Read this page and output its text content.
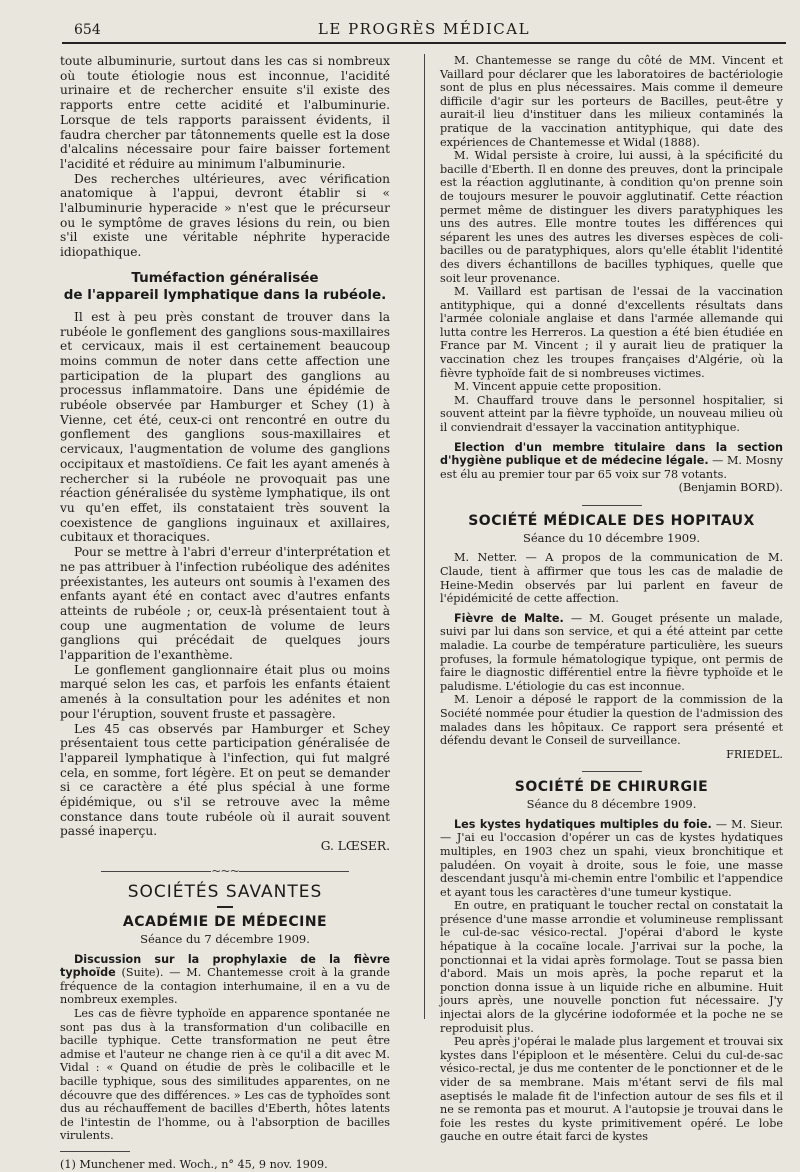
654	LE PROGRÈS MÉDICAL

toute albuminurie, surtout dans les cas si nombreux où toute étiologie nous est inconnue, l'acidité urinaire et de rechercher ensuite s'il existe des rapports entre cette acidité et l'albuminurie. Lorsque de tels rapports paraissent évidents, il faudra chercher par tâtonnements quelle est la dose d'alcalins nécessaire pour faire baisser fortement l'acidité et réduire au minimum l'albuminurie.

Des recherches ultérieures, avec vérification anatomique à l'appui, devront établir si « l'albuminurie hyperacide » n'est que le précurseur ou le symptôme de graves lésions du rein, ou bien s'il existe une véritable néphrite hyperacide idiopathique.

Tuméfaction généralisée
de l'appareil lymphatique dans la rubéole.

Il est à peu près constant de trouver dans la rubéole le gonflement des ganglions sous-maxillaires et cervicaux, mais il est certainement beaucoup moins commun de noter dans cette affection une participation de la plupart des ganglions au processus inflammatoire. Dans une épidémie de rubéole observée par Hamburger et Schey (1) à Vienne, cet été, ceux-ci ont rencontré en outre du gonflement des ganglions sous-maxillaires et cervicaux, l'augmentation de volume des ganglions occipitaux et mastoïdiens. Ce fait les ayant amenés à rechercher si la rubéole ne provoquait pas une réaction généralisée du système lymphatique, ils ont vu qu'en effet, ils constataient très souvent la coexistence de ganglions inguinaux et axillaires, cubitaux et thoraciques.

Pour se mettre à l'abri d'erreur d'interprétation et ne pas attribuer à l'infection rubéolique des adénites préexistantes, les auteurs ont soumis à l'examen des enfants ayant été en contact avec d'autres enfants atteints de rubéole ; or, ceux-là présentaient tout à coup une augmentation de volume de leurs ganglions qui précédait de quelques jours l'apparition de l'exanthème.

Le gonflement ganglionnaire était plus ou moins marqué selon les cas, et parfois les enfants étaient amenés à la consultation pour les adénites et non pour l'éruption, souvent fruste et passagère.

Les 45 cas observés par Hamburger et Schey présentaient tous cette participation généralisée de l'appareil lymphatique à l'infection, qui fut malgré cela, en somme, fort légère. Et on peut se demander si ce caractère a été plus spécial à une forme épidémique, ou s'il se retrouve avec la même constance dans toute rubéole où il aurait souvent passé inaperçu.

G. LŒSER.
~~~
SOCIÉTÉS SAVANTES
ACADÉMIE DE MÉDECINE
Séance du 7 décembre 1909.

Discussion sur la prophylaxie de la fièvre typhoïde (Suite). — M. Chantemesse croit à la grande fréquence de la contagion interhumaine, il en a vu de nombreux exemples.

Les cas de fièvre typhoïde en apparence spontanée ne sont pas dus à la transformation d'un colibacille en bacille typhique. Cette transformation ne peut être admise et l'auteur ne change rien à ce qu'il a dit avec M. Vidal : « Quand on étudie de près le colibacille et le bacille typhique, sous des similitudes apparentes, on ne découvre que des différences. » Les cas de typhoïdes sont dus au réchauffement de bacilles d'Eberth, hôtes latents de l'intestin de l'homme, ou à l'absorption de bacilles virulents.

(1) Munchener med. Woch., n° 45, 9 nov. 1909.

M. Chantemesse se range du côté de MM. Vincent et Vaillard pour déclarer que les laboratoires de bactériologie sont de plus en plus nécessaires. Mais comme il demeure difficile d'agir sur les porteurs de Bacilles, peut-être y aurait-il lieu d'instituer dans les milieux contaminés la pratique de la vaccination antityphique, qui date des expériences de Chantemesse et Widal (1888).

M. Widal persiste à croire, lui aussi, à la spécificité du bacille d'Eberth. Il en donne des preuves, dont la principale est la réaction agglutinante, à condition qu'on prenne soin de toujours mesurer le pouvoir agglutinatif. Cette réaction permet même de distinguer les divers paratyphiques les uns des autres. Elle montre toutes les différences qui séparent les unes des autres les diverses espèces de coli-bacilles ou de paratyphiques, alors qu'elle établit l'identité des divers échantillons de bacilles typhiques, quelle que soit leur provenance.

M. Vaillard est partisan de l'essai de la vaccination antityphique, qui a donné d'excellents résultats dans l'armée coloniale anglaise et dans l'armée allemande qui lutta contre les Herreros. La question a été bien étudiée en France par M. Vincent ; il y aurait lieu de pratiquer la vaccination chez les troupes françaises d'Algérie, où la fièvre typhoïde fait de si nombreuses victimes.

M. Vincent appuie cette proposition.

M. Chauffard trouve dans le personnel hospitalier, si souvent atteint par la fièvre typhoïde, un nouveau milieu où il conviendrait d'essayer la vaccination antityphique.

Election d'un membre titulaire dans la section d'hygiène publique et de médecine légale. — M. Mosny est élu au premier tour par 65 voix sur 78 votants.

(Benjamin BORD).
SOCIÉTÉ MÉDICALE DES HOPITAUX
Séance du 10 décembre 1909.

M. Netter. — A propos de la communication de M. Claude, tient à affirmer que tous les cas de maladie de Heine-Medin observés par lui parlent en faveur de l'épidémicité de cette affection.

Fièvre de Malte. — M. Gouget présente un malade, suivi par lui dans son service, et qui a été atteint par cette maladie. La courbe de température particulière, les sueurs profuses, la formule hématologique typique, ont permis de faire le diagnostic différentiel entre la fièvre typhoïde et le paludisme. L'étiologie du cas est inconnue.

M. Lenoir a déposé le rapport de la commission de la Société nommée pour étudier la question de l'admission des malades dans les hôpitaux. Ce rapport sera présenté et défendu devant le Conseil de surveillance.

FRIEDEL.
SOCIÉTÉ DE CHIRURGIE
Séance du 8 décembre 1909.

Les kystes hydatiques multiples du foie. — M. Sieur. — J'ai eu l'occasion d'opérer un cas de kystes hydatiques multiples, en 1903 chez un spahi, vieux bronchitique et paludéen. On voyait à droite, sous le foie, une masse descendant jusqu'à mi-chemin entre l'ombilic et l'appendice et ayant tous les caractères d'une tumeur kystique.

En outre, en pratiquant le toucher rectal on constatait la présence d'une masse arrondie et volumineuse remplissant le cul-de-sac vésico-rectal. J'opérai d'abord le kyste hépatique à la cocaïne locale. J'arrivai sur la poche, la ponctionnai et la vidai après formolage. Tout se passa bien d'abord. Mais un mois après, la poche reparut et la ponction donna issue à un liquide riche en albumine. Huit jours après, une nouvelle ponction fut nécessaire. J'y injectai alors de la glycérine iodoformée et la poche ne se reproduisit plus.

Peu après j'opérai le malade plus largement et trouvai six kystes dans l'épiploon et le mésentère. Celui du cul-de-sac vésico-rectal, je dus me contenter de le ponctionner et de le vider de sa membrane. Mais m'étant servi de fils mal aseptisés le malade fit de l'infection autour de ses fils et il ne se remonta pas et mourut. A l'autopsie je trouvai dans le foie les restes du kyste primitivement opéré. Le lobe gauche en outre était farci de kystes
